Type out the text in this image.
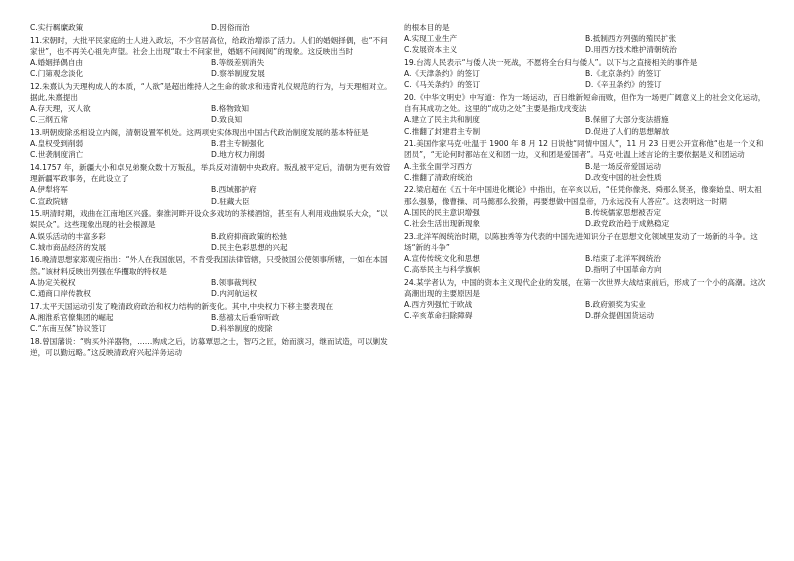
C.实行羁縻政策	D.因俗而治

11.宋朝时，大批平民家庭的士人进入政坛，不少官居高位，给政治增添了活力。人们的婚姻择偶，也“不问家世”，也不再关心祖先声望。社会上出现“取士不问家世，婚姻不问阀阅”的现象。这反映出当时

A.婚姻择偶自由	B.等级差别消失
C.门第观念淡化	D.察举制度发展

12.朱熹认为天理构成人的本质，“人欲”是超出维持人之生命的欲求和违背礼仪规范的行为，与天理相对立。据此,朱熹提出

A.存天理，灭人欲	B.格物致知
C.三纲五常	D.致良知

13.明朝废除丞相设立内阁，清朝设置军机处。这两项史实体现出中国古代政治制度发展的基本特征是

A.皇权受到削弱	B.君主专制强化
C.世袭制度消亡	D.地方权力削弱

14.1757 年，新疆大小和卓兄弟聚众数十万叛乱，举兵反对清朝中央政府。叛乱被平定后，清朝为更有效管理新疆军政事务，在此设立了

A.伊犁将军	B.西域都护府
C.宣政院辖	D.驻藏大臣

15.明清时期，戏曲在江南地区兴盛。秦淮河畔开设众多戏坊的茶楼酒馆，甚至有人利用戏曲娱乐大众，“以娱民众”。这些现象出现的社会根源是

A.娱乐活动的丰富多彩	B.政府抑商政策的松弛
C.城市商品经济的发展	D.民主色彩思想的兴起

16.晚清思想家郑观应指出：“外人在我国旅居，不肯受我国法律管辖，只受彼国公使领事所辖，一如在本国然。”该材料反映出列强在华攫取的特权是

A.协定关税权	B.领事裁判权
C.通商口岸传教权	D.内河航运权

17.太平天国运动引发了晚清政府政治和权力结构的新变化。其中,中央权力下移主要表现在

A.湘淮系官僚集团的崛起	B.慈禧太后垂帘听政
C.“东南互保”协议签订	D.科举制度的废除

18.曾国藩说：“购买外洋器物，……购成之后，访募覃思之士，智巧之匠，始而演习，继而试造，可以剿发逆，可以勤远略。”这反映清政府兴起洋务运动

的根本目的是

A.实现工业生产	B.抵制西方列强的殖民扩张
C.发展资本主义	D.用西方技术维护清朝统治

19.台湾人民表示“与倭人决一死战，不愿将全台归与倭人”。以下与之直接相关的事件是

A.《天津条约》的签订	B.《北京条约》的签订
C.《马关条约》的签订	D.《辛丑条约》的签订

20.《中华文明史》中写道：作为一场运动，百日维新短命而败，但作为一场更广阔意义上的社会文化运动，自有其成功之处。这里的“成功之处”主要是指戊戌变法

A.建立了民主共和制度	B.保留了大部分变法措施
C.推翻了封建君主专制	D.促进了人们的思想解放

21.美国作家马克·吐温于 1900 年 8 月 12 日说他“同情中国人”，11 月 23 日更公开宣称他“也是一个义和团员”，“无论何时都站在义和团一边，义和团是爱国者”。马克·吐温上述言论的主要依据是义和团运动

A.主张全面学习西方	B.是一场反帝爱国运动
C.推翻了清政府统治	D.改变中国的社会性质

22.梁启超在《五十年中国进化概论》中指出，在辛亥以后，“任凭你像尧、舜那么贤圣，像秦始皇、明太祖那么强暴，像曹操、司马懿那么狡猾，再要想做中国皇帝，乃永远没有人答应”。这表明这一时期

A.国民的民主意识增强	B.传统儒家思想被否定
C.社会生活出现新现象	D.政党政治趋于成熟稳定

23.北洋军阀统治时期，以陈独秀等为代表的中国先进知识分子在思想文化领域里发动了一场新的斗争。这场“新的斗争”

A.宣传传统文化和思想	B.结束了北洋军阀统治
C.高举民主与科学旗帜	D.指明了中国革命方向

24.某学者认为，中国的资本主义现代企业的发展，在第一次世界大战结束前后，形成了一个小的高潮。这次高潮出现的主要原因是

A.西方列强忙于欧战	B.政府颁奖为实业
C.辛亥革命扫除障碍	D.群众提倡国货运动
